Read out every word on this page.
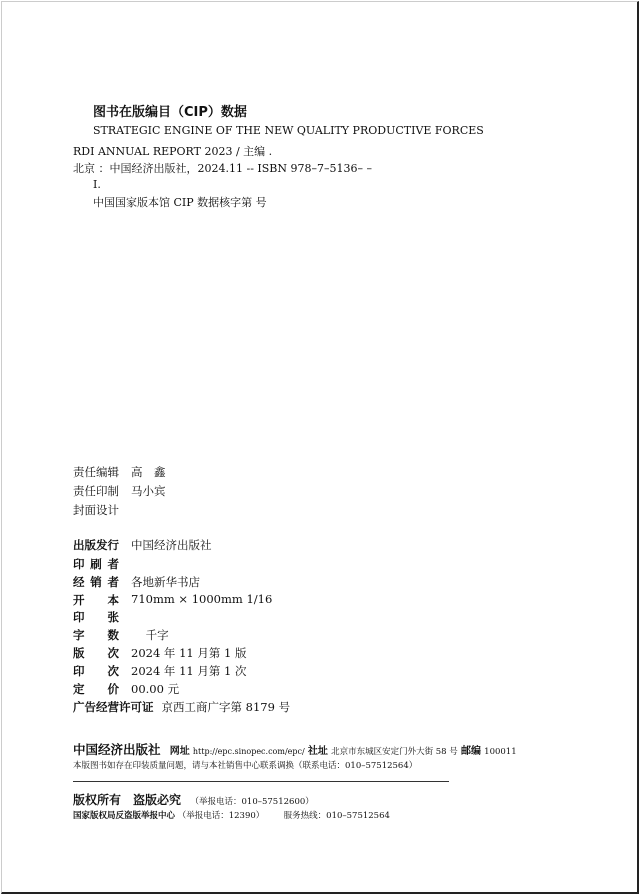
图书在版编目（CIP）数据
STRATEGIC ENGINE OF THE NEW QUALITY PRODUCTIVE FORCES
RDI ANNUAL REPORT 2023 / 主编 .
北京 ：中国经济出版社，2024.11 -- ISBN 978–7–5136– –
Ⅰ.
中国国家版本馆 CIP 数据核字第 号
责任编辑	高　鑫
责任印制	马小宾
封面设计
出版发行	中国经济出版社
印 刷 者
经 销 者 各地新华书店
开 本 710mm × 1000mm 1/16
印 张
字 数 千字
版 次 2024 年 11 月第 1 版
印 次 2024 年 11 月第 1 次
定 价 00.00 元
广告经营许可证 京西工商广字第 8179 号
中国经济出版社 网址 http://epc.sinopec.com/epc/ 社址 北京市东城区安定门外大街 58 号 邮编 100011
本版图书如存在印装质量问题，请与本社销售中心联系调换（联系电话：010–57512564）
版权所有　盗版必究 （举报电话：010–57512600）
国家版权局反盗版举报中心 （举报电话：12390） 服务热线：010–57512564
